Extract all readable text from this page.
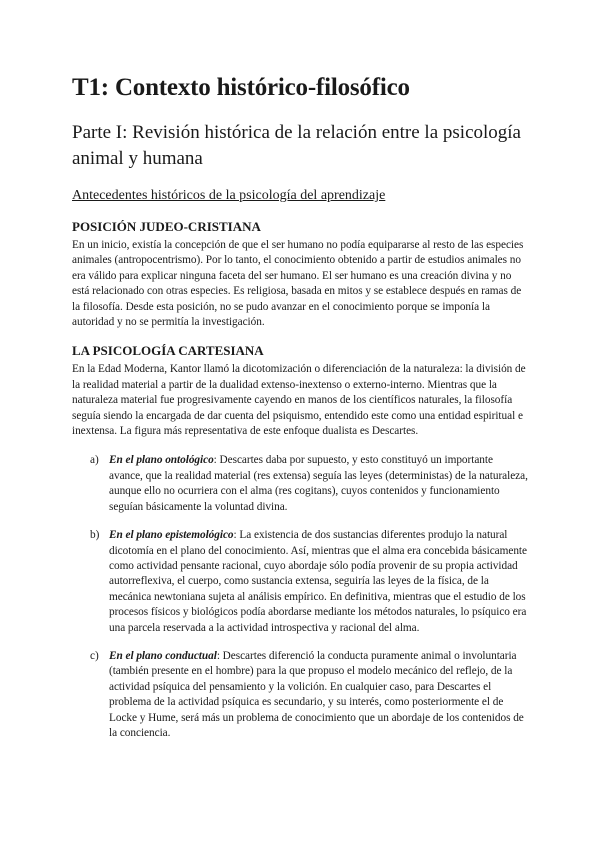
T1: Contexto histórico-filosófico
Parte I: Revisión histórica de la relación entre la psicología animal y humana
Antecedentes históricos de la psicología del aprendizaje
POSICIÓN JUDEO-CRISTIANA

En un inicio, existía la concepción de que el ser humano no podía equipararse al resto de las especies animales (antropocentrismo). Por lo tanto, el conocimiento obtenido a partir de estudios animales no era válido para explicar ninguna faceta del ser humano. El ser humano es una creación divina y no está relacionado con otras especies. Es religiosa, basada en mitos y se establece después en ramas de la filosofía. Desde esta posición, no se pudo avanzar en el conocimiento porque se imponía la autoridad y no se permitía la investigación.

LA PSICOLOGÍA CARTESIANA

En la Edad Moderna, Kantor llamó la dicotomización o diferenciación de la naturaleza: la división de la realidad material a partir de la dualidad extenso-inextenso o externo-interno. Mientras que la naturaleza material fue progresivamente cayendo en manos de los científicos naturales, la filosofía seguía siendo la encargada de dar cuenta del psiquismo, entendido este como una entidad espiritual e inextensa. La figura más representativa de este enfoque dualista es Descartes.

a) En el plano ontológico: Descartes daba por supuesto, y esto constituyó un importante avance, que la realidad material (res extensa) seguía las leyes (deterministas) de la naturaleza, aunque ello no ocurriera con el alma (res cogitans), cuyos contenidos y funcionamiento seguían básicamente la voluntad divina.
b) En el plano epistemológico: La existencia de dos sustancias diferentes produjo la natural dicotomía en el plano del conocimiento. Así, mientras que el alma era concebida básicamente como actividad pensante racional, cuyo abordaje sólo podía provenir de su propia actividad autorreflexiva, el cuerpo, como sustancia extensa, seguiría las leyes de la física, de la mecánica newtoniana sujeta al análisis empírico. En definitiva, mientras que el estudio de los procesos físicos y biológicos podía abordarse mediante los métodos naturales, lo psíquico era una parcela reservada a la actividad introspectiva y racional del alma.
c) En el plano conductual: Descartes diferenció la conducta puramente animal o involuntaria (también presente en el hombre) para la que propuso el modelo mecánico del reflejo, de la actividad psíquica del pensamiento y la volición. En cualquier caso, para Descartes el problema de la actividad psíquica es secundario, y su interés, como posteriormente el de Locke y Hume, será más un problema de conocimiento que un abordaje de los contenidos de la conciencia.
